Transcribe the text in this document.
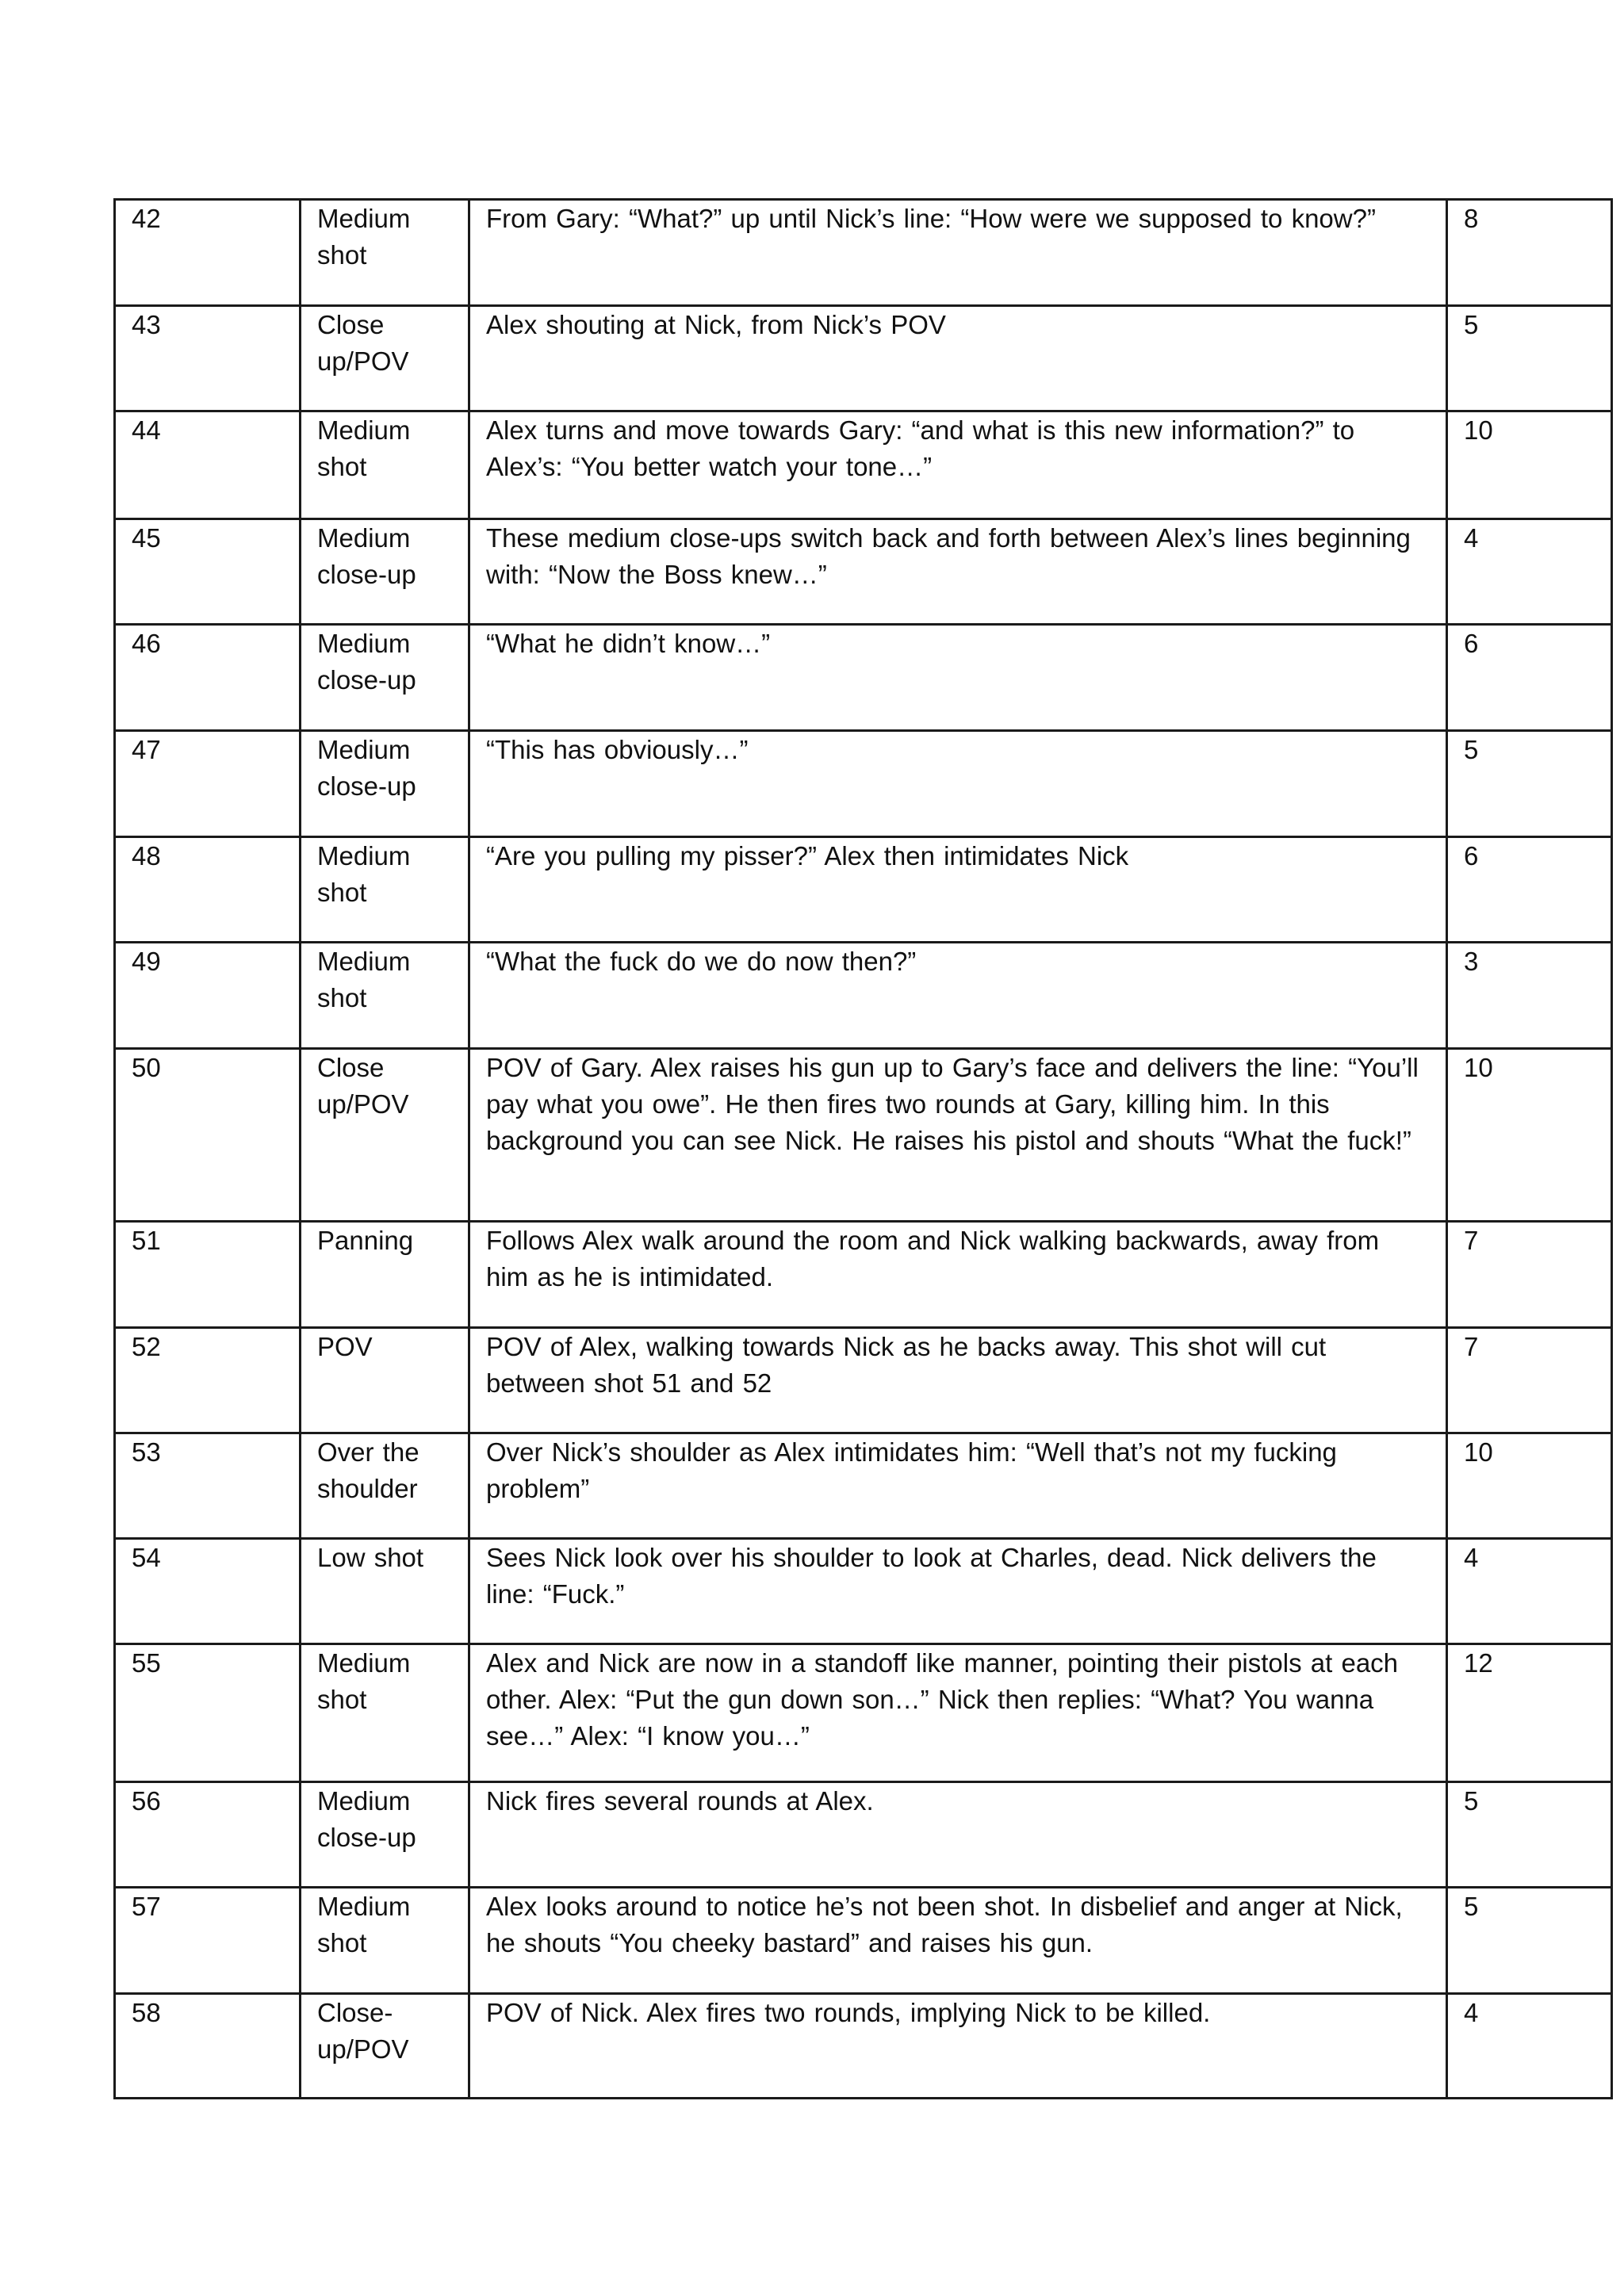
42	Medium shot	From Gary: “What?” up until Nick’s line: “How were we supposed to know?”	8

43	Close up/POV	Alex shouting at Nick, from Nick’s POV	5

44	Medium shot	Alex turns and move towards Gary: “and what is this new information?” to Alex’s: “You better watch your tone…”	10

45	Medium close-up	These medium close-ups switch back and forth between Alex’s lines beginning with: “Now the Boss knew…”	4

46	Medium close-up	“What he didn’t know…”	6

47	Medium close-up	“This has obviously…”	5

48	Medium shot	“Are you pulling my pisser?” Alex then intimidates Nick	6

49	Medium shot	“What the fuck do we do now then?”	3

50	Close up/POV	POV of Gary. Alex raises his gun up to Gary’s face and delivers the line: “You’ll pay what you owe”. He then fires two rounds at Gary, killing him. In this background you can see Nick. He raises his pistol and shouts “What the fuck!”	10

51	Panning	Follows Alex walk around the room and Nick walking backwards, away from him as he is intimidated.	7

52	POV	POV of Alex, walking towards Nick as he backs away. This shot will cut between shot 51 and 52	7

53	Over the shoulder	Over Nick’s shoulder as Alex intimidates him: “Well that’s not my fucking problem”	10

54	Low shot	Sees Nick look over his shoulder to look at Charles, dead. Nick delivers the line: “Fuck.”	4

55	Medium shot	Alex and Nick are now in a standoff like manner, pointing their pistols at each other. Alex: “Put the gun down son…” Nick then replies: “What? You wanna see…” Alex: “I know you…”	12

56	Medium close-up	Nick fires several rounds at Alex.	5

57	Medium shot	Alex looks around to notice he’s not been shot. In disbelief and anger at Nick, he shouts “You cheeky bastard” and raises his gun.	5

58	Close-up/POV	POV of Nick. Alex fires two rounds, implying Nick to be killed.	4
